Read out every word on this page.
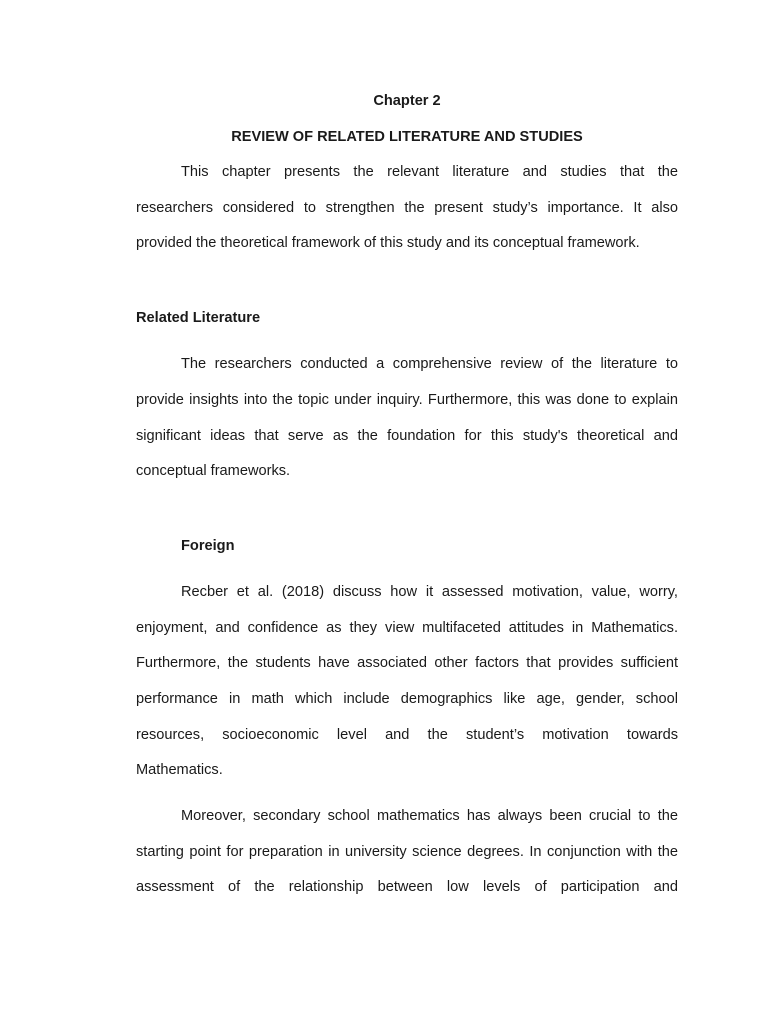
Chapter 2
REVIEW OF RELATED LITERATURE AND STUDIES
This chapter presents the relevant literature and studies that the
researchers considered to strengthen the present study’s importance. It also
provided the theoretical framework of this study and its conceptual framework.
Related Literature
The researchers conducted a comprehensive review of the literature to
provide insights into the topic under inquiry. Furthermore, this was done to explain
significant ideas that serve as the foundation for this study's theoretical and
conceptual frameworks.
Foreign
Recber et al. (2018) discuss how it assessed motivation, value, worry,
enjoyment, and confidence as they view multifaceted attitudes in Mathematics.
Furthermore, the students have associated other factors that provides sufficient
performance in math which include demographics like age, gender, school
resources, socioeconomic level and the student’s motivation towards
Mathematics.
Moreover, secondary school mathematics has always been crucial to the
starting point for preparation in university science degrees. In conjunction with the
assessment of the relationship between low levels of participation and
